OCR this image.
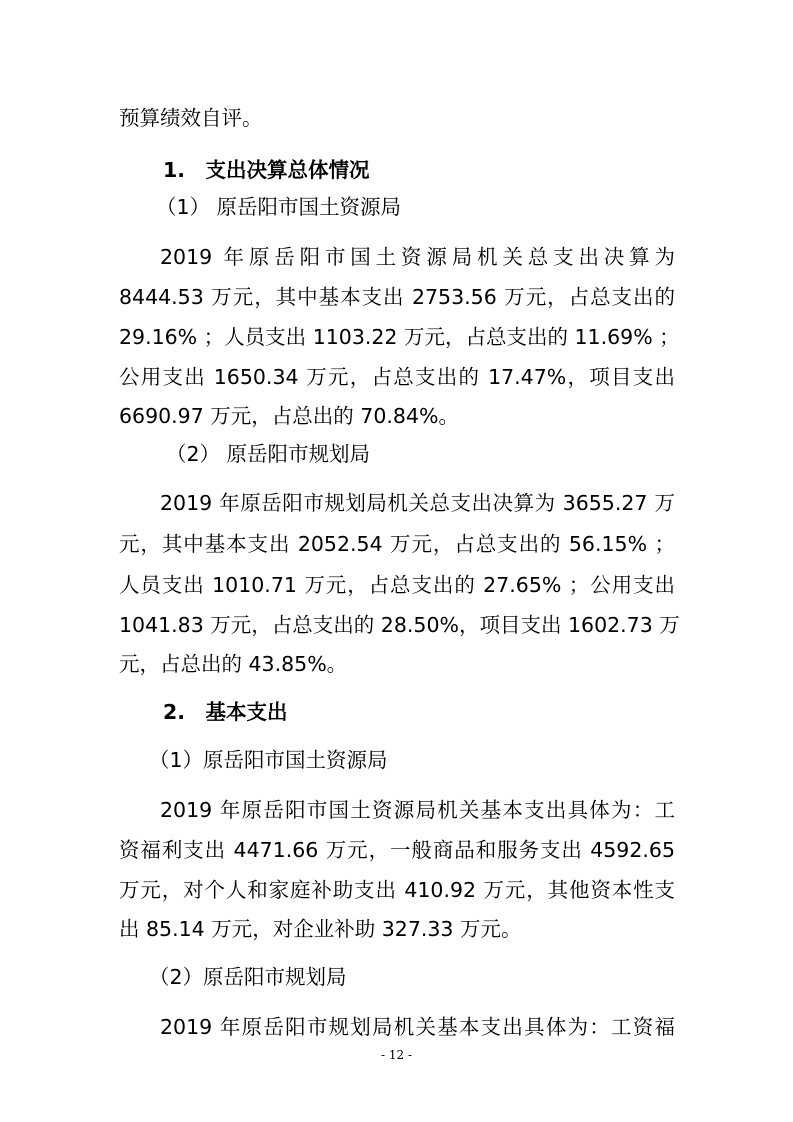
预算绩效自评。
1.　支出决算总体情况
（1） 原岳阳市国土资源局
2019 年原岳阳市国土资源局机关总支出决算为
8444.53 万元，其中基本支出 2753.56 万元，占总支出的
29.16% ；人员支出 1103.22 万元，占总支出的 11.69% ；
公用支出 1650.34 万元，占总支出的 17.47%，项目支出
6690.97 万元，占总出的 70.84%。
（2） 原岳阳市规划局
2019 年原岳阳市规划局机关总支出决算为 3655.27 万
元，其中基本支出 2052.54 万元，占总支出的 56.15% ；
人员支出 1010.71 万元，占总支出的 27.65% ；公用支出
1041.83 万元，占总支出的 28.50%，项目支出 1602.73 万
元，占总出的 43.85%。
2.　基本支出
（1）原岳阳市国土资源局
2019 年原岳阳市国土资源局机关基本支出具体为：工
资福利支出 4471.66 万元，一般商品和服务支出 4592.65
万元，对个人和家庭补助支出 410.92 万元，其他资本性支
出 85.14 万元，对企业补助 327.33 万元。
（2）原岳阳市规划局
2019 年原岳阳市规划局机关基本支出具体为：工资福
- 12 -
